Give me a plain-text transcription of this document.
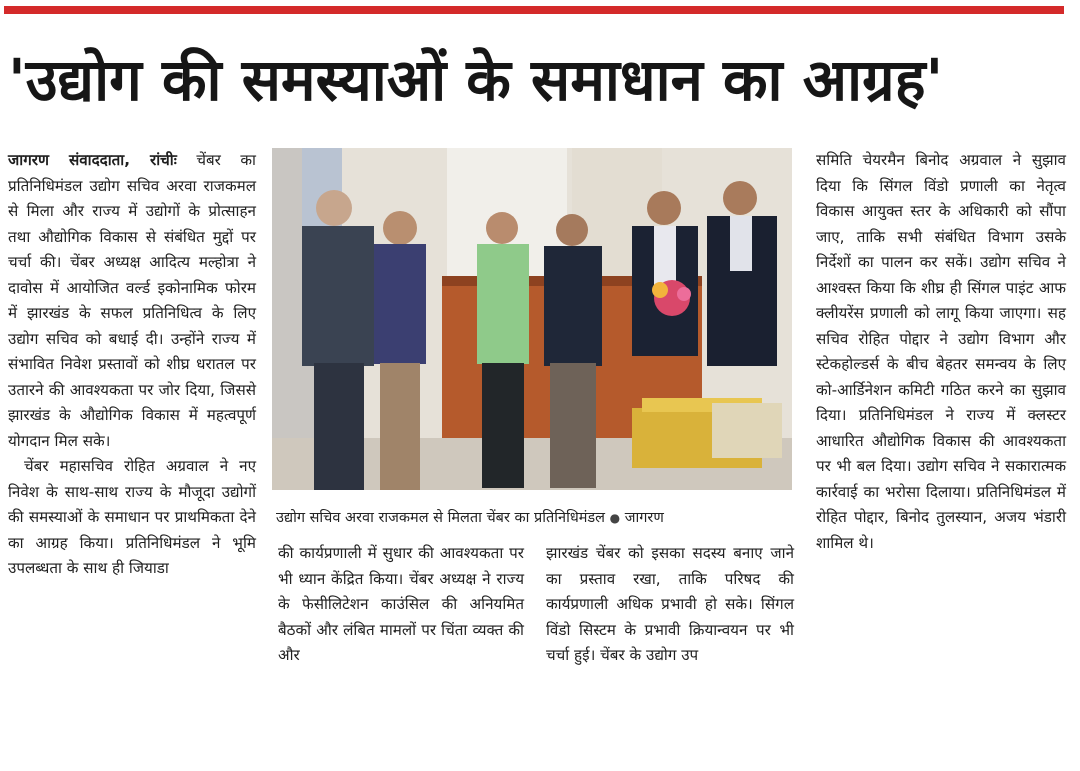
'उद्योग की समस्याओं के समाधान का आग्रह'

जागरण संवाददाता, रांचीः चेंबर का प्रतिनिधिमंडल उद्योग सचिव अरवा राजकमल से मिला और राज्य में उद्योगों के प्रोत्साहन तथा औद्योगिक विकास से संबंधित मुद्दों पर चर्चा की। चेंबर अध्यक्ष आदित्य मल्होत्रा ने दावोस में आयोजित वर्ल्ड इकोनामिक फोरम में झारखंड के सफल प्रतिनिधित्व के लिए उद्योग सचिव को बधाई दी। उन्होंने राज्य में संभावित निवेश प्रस्तावों को शीघ्र धरातल पर उतारने की आवश्यकता पर जोर दिया, जिससे झारखंड के औद्योगिक विकास में महत्वपूर्ण योगदान मिल सके।

चेंबर महासचिव रोहित अग्रवाल ने नए निवेश के साथ-साथ राज्य के मौजूदा उद्योगों की समस्याओं के समाधान पर प्राथमिकता देने का आग्रह किया। प्रतिनिधिमंडल ने भूमि उपलब्धता के साथ ही जियाडा

उद्योग सचिव अरवा राजकमल से मिलता चेंबर का प्रतिनिधिमंडल ● जागरण

की कार्यप्रणाली में सुधार की आवश्यकता पर भी ध्यान केंद्रित किया। चेंबर अध्यक्ष ने राज्य के फेसीलिटेशन काउंसिल की अनियमित बैठकों और लंबित मामलों पर चिंता व्यक्त की और

झारखंड चेंबर को इसका सदस्य बनाए जाने का प्रस्ताव रखा, ताकि परिषद की कार्यप्रणाली अधिक प्रभावी हो सके। सिंगल विंडो सिस्टम के प्रभावी क्रियान्वयन पर भी चर्चा हुई। चेंबर के उद्योग उप

समिति चेयरमैन बिनोद अग्रवाल ने सुझाव दिया कि सिंगल विंडो प्रणाली का नेतृत्व विकास आयुक्त स्तर के अधिकारी को सौंपा जाए, ताकि सभी संबंधित विभाग उसके निर्देशों का पालन कर सकें। उद्योग सचिव ने आश्वस्त किया कि शीघ्र ही सिंगल पाइंट आफ क्लीयरेंस प्रणाली को लागू किया जाएगा। सह सचिव रोहित पोद्दार ने उद्योग विभाग और स्टेकहोल्डर्स के बीच बेहतर समन्वय के लिए को-आर्डिनेशन कमिटी गठित करने का सुझाव दिया। प्रतिनिधिमंडल ने राज्य में क्लस्टर आधारित औद्योगिक विकास की आवश्यकता पर भी बल दिया। उद्योग सचिव ने सकारात्मक कार्रवाई का भरोसा दिलाया। प्रतिनिधिमंडल में रोहित पोद्दार, बिनोद तुलस्यान, अजय भंडारी शामिल थे।
